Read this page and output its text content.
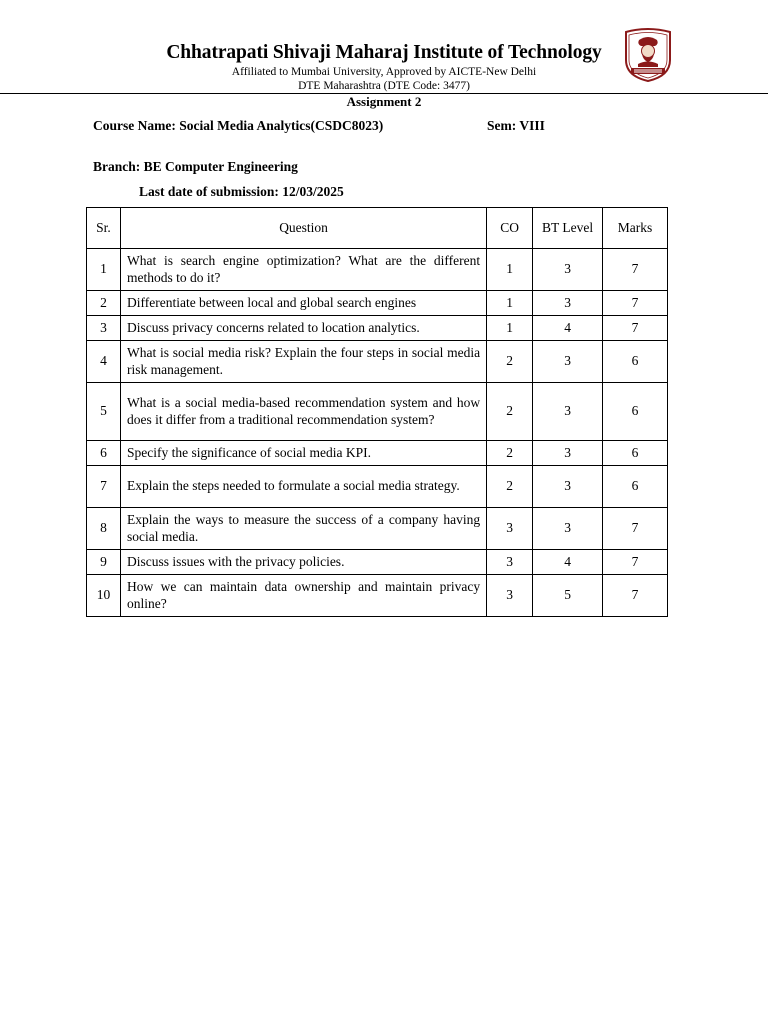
Chhatrapati Shivaji Maharaj Institute of Technology
Affiliated to Mumbai University, Approved by AICTE-New Delhi
DTE Maharashtra (DTE Code: 3477)
Assignment 2
Course Name: Social Media Analytics(CSDC8023)	Sem: VIII
Branch: BE Computer Engineering
Last date of submission: 12/03/2025
Sr.	Question	CO	BT Level	Marks
1	What is search engine optimization? What are the different methods to do it?	1	3	7
2	Differentiate between local and global search engines	1	3	7
3	Discuss privacy concerns related to location analytics.	1	4	7
4	What is social media risk? Explain the four steps in social media risk management.	2	3	6
5	What is a social media-based recommendation system and how does it differ from a traditional recommendation system?	2	3	6
6	Specify the significance of social media KPI.	2	3	6
7	Explain the steps needed to formulate a social media strategy.	2	3	6
8	Explain the ways to measure the success of a company having social media.	3	3	7
9	Discuss issues with the privacy policies.	3	4	7
10	How we can maintain data ownership and maintain privacy online?	3	5	7
